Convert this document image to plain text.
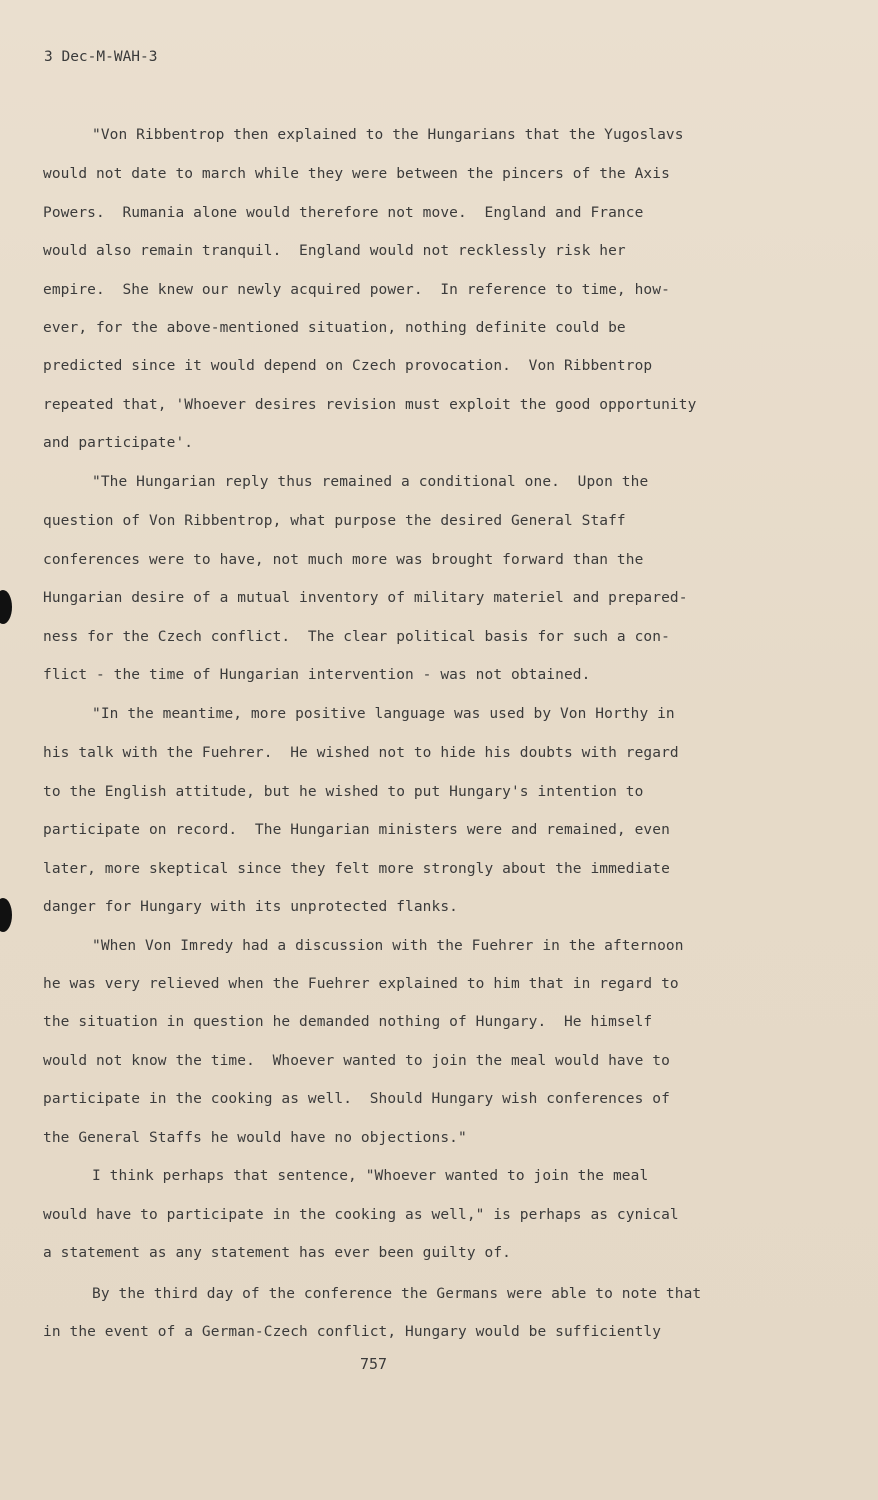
3 Dec-M-WAH-3
"Von Ribbentrop then explained to the Hungarians that the Yugoslavs
would not date to march while they were between the pincers of the Axis
Powers.  Rumania alone would therefore not move.  England and France
would also remain tranquil.  England would not recklessly risk her
empire.  She knew our newly acquired power.  In reference to time, how-
ever, for the above-mentioned situation, nothing definite could be
predicted since it would depend on Czech provocation.  Von Ribbentrop
repeated that, 'Whoever desires revision must exploit the good opportunity
and participate'.
"The Hungarian reply thus remained a conditional one.  Upon the
question of Von Ribbentrop, what purpose the desired General Staff
conferences were to have, not much more was brought forward than the
Hungarian desire of a mutual inventory of military materiel and prepared-
ness for the Czech conflict.  The clear political basis for such a con-
flict - the time of Hungarian intervention - was not obtained.
"In the meantime, more positive language was used by Von Horthy in
his talk with the Fuehrer.  He wished not to hide his doubts with regard
to the English attitude, but he wished to put Hungary's intention to
participate on record.  The Hungarian ministers were and remained, even
later, more skeptical since they felt more strongly about the immediate
danger for Hungary with its unprotected flanks.
"When Von Imredy had a discussion with the Fuehrer in the afternoon
he was very relieved when the Fuehrer explained to him that in regard to
the situation in question he demanded nothing of Hungary.  He himself
would not know the time.  Whoever wanted to join the meal would have to
participate in the cooking as well.  Should Hungary wish conferences of
the General Staffs he would have no objections."
I think perhaps that sentence, "Whoever wanted to join the meal
would have to participate in the cooking as well," is perhaps as cynical
a statement as any statement has ever been guilty of.
By the third day of the conference the Germans were able to note that
in the event of a German-Czech conflict, Hungary would be sufficiently
757
